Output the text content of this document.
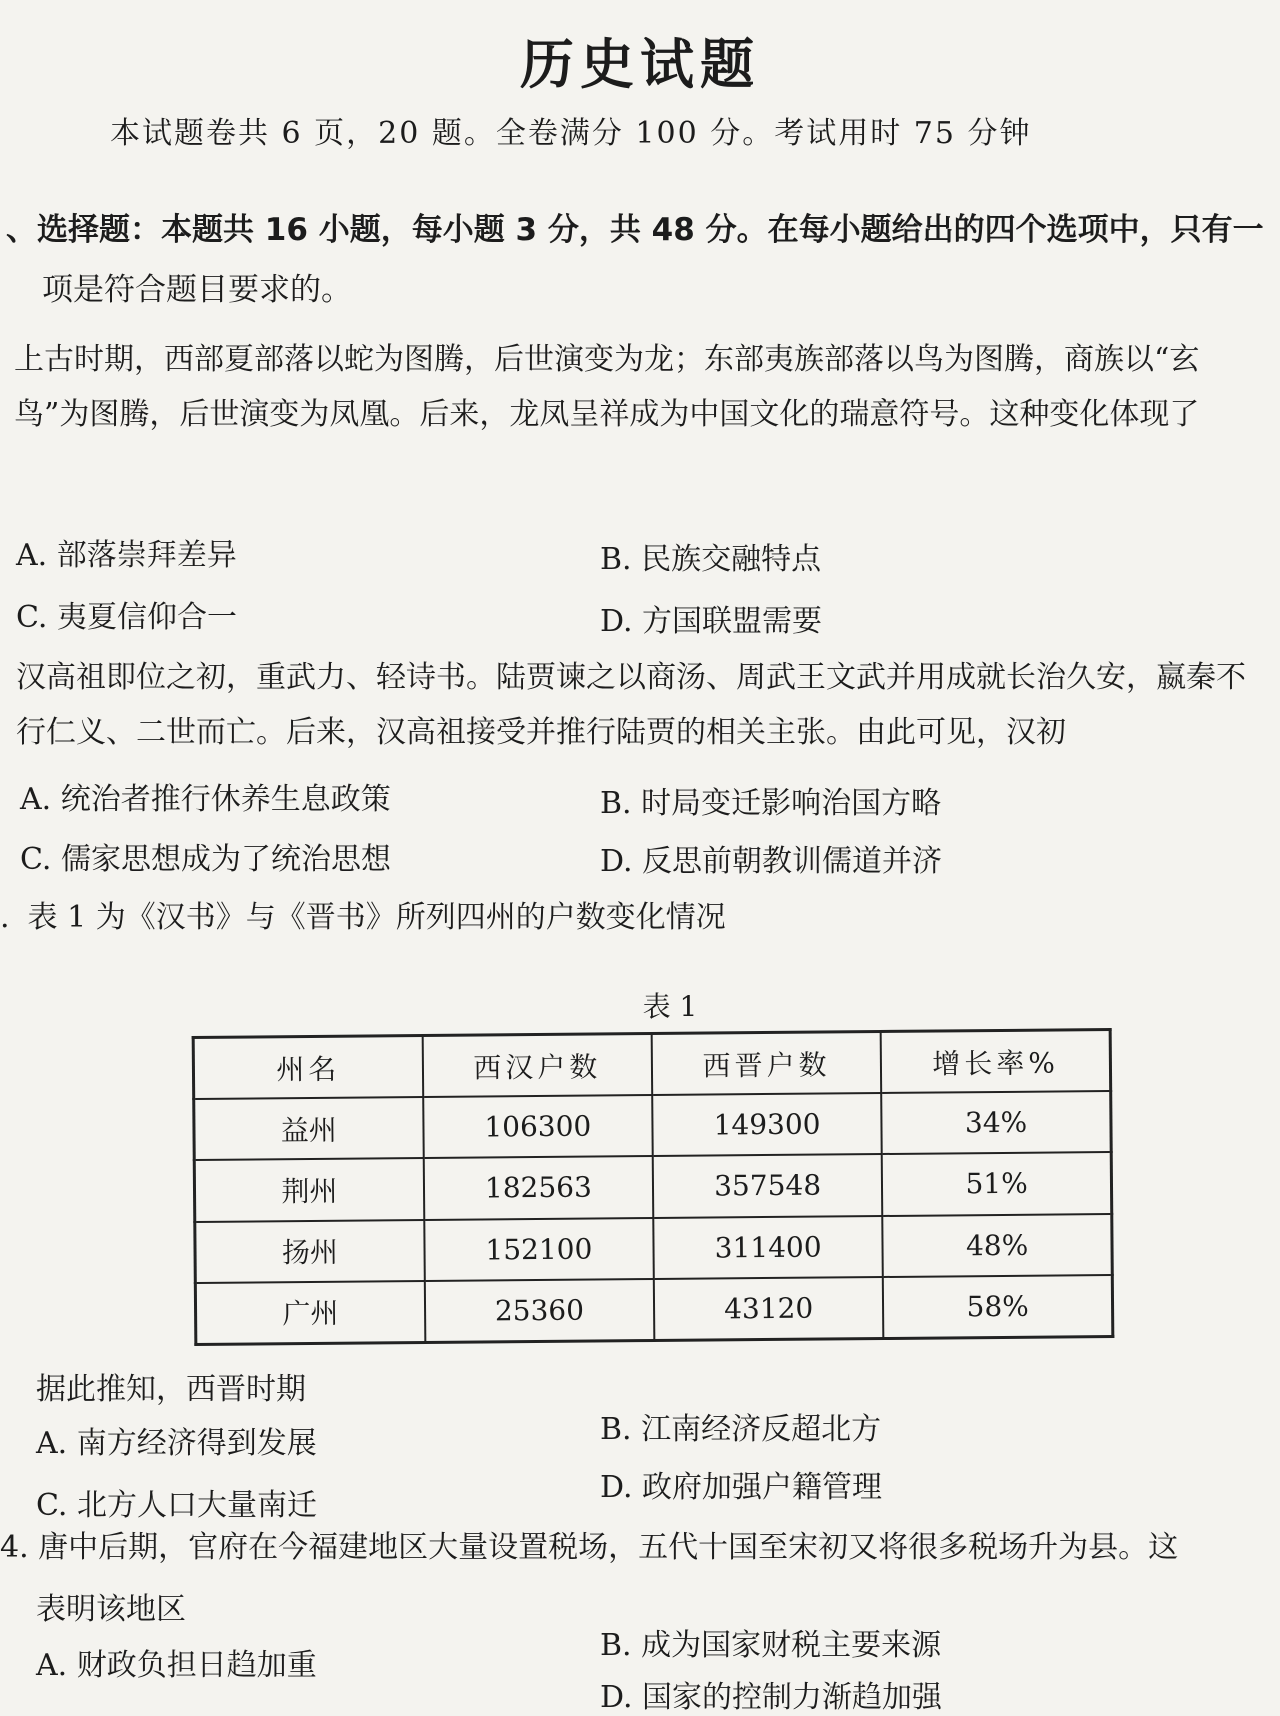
历史试题
本试题卷共 6 页，20 题。全卷满分 100 分。考试用时 75 分钟
、选择题：本题共 16 小题，每小题 3 分，共 48 分。在每小题给出的四个选项中，只有一
项是符合题目要求的。
上古时期，西部夏部落以蛇为图腾，后世演变为龙；东部夷族部落以鸟为图腾，商族以“玄鸟”为图腾，后世演变为凤凰。后来，龙凤呈祥成为中国文化的瑞意符号。这种变化体现了
A. 部落崇拜差异	B. 民族交融特点
C. 夷夏信仰合一	D. 方国联盟需要
汉高祖即位之初，重武力、轻诗书。陆贾谏之以商汤、周武王文武并用成就长治久安，嬴秦不行仁义、二世而亡。后来，汉高祖接受并推行陆贾的相关主张。由此可见，汉初
A. 统治者推行休养生息政策	B. 时局变迁影响治国方略
C. 儒家思想成为了统治思想	D. 反思前朝教训儒道并济
. 表 1 为《汉书》与《晋书》所列四州的户数变化情况
表 1
州名	西汉户数	西晋户数	增长率%
益州	106300	149300	34%
荆州	182563	357548	51%
扬州	152100	311400	48%
广州	25360	43120	58%
据此推知，西晋时期
A. 南方经济得到发展	B. 江南经济反超北方
C. 北方人口大量南迁
D. 政府加强户籍管理
4. 唐中后期，官府在今福建地区大量设置税场，五代十国至宋初又将很多税场升为县。这
表明该地区
A. 财政负担日趋加重
B. 成为国家财税主要来源
D. 国家的控制力渐趋加强
